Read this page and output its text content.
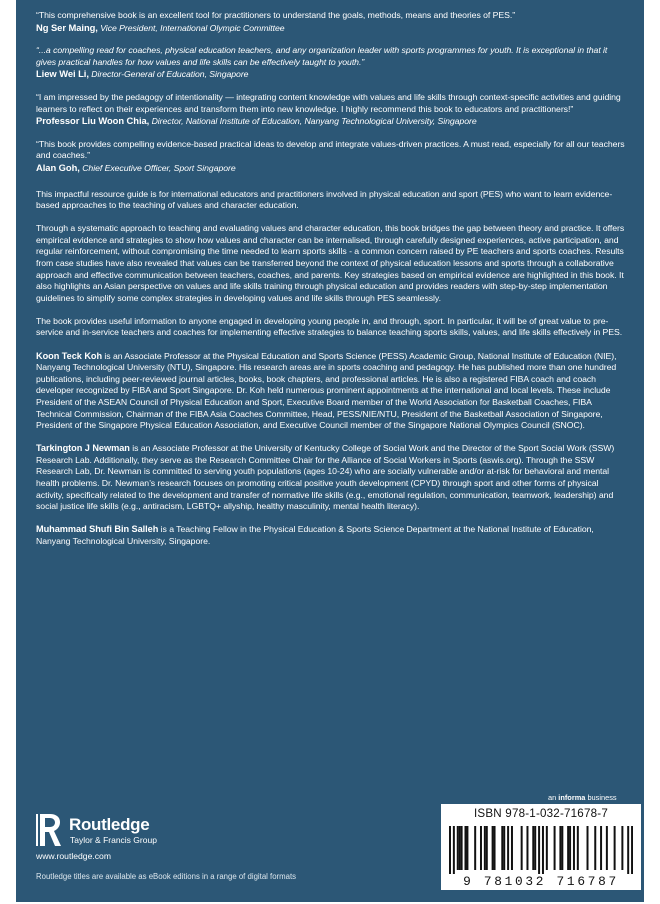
“This comprehensive book is an excellent tool for practitioners to understand the goals, methods, means and theories of PES.”
Ng Ser Maing, Vice President, International Olympic Committee
“...a compelling read for coaches, physical education teachers, and any organization leader with sports programmes for youth. It is exceptional in that it gives practical handles for how values and life skills can be effectively taught to youth.”
Liew Wei Li, Director-General of Education, Singapore
“I am impressed by the pedagogy of intentionality — integrating content knowledge with values and life skills through context-specific activities and guiding learners to reflect on their experiences and transform them into new knowledge. I highly recommend this book to educators and practitioners!”
Professor Liu Woon Chia, Director, National Institute of Education, Nanyang Technological University, Singapore
“This book provides compelling evidence-based practical ideas to develop and integrate values-driven practices. A must read, especially for all our teachers and coaches.”
Alan Goh, Chief Executive Officer, Sport Singapore

This impactful resource guide is for international educators and practitioners involved in physical education and sport (PES) who want to learn evidence-based approaches to the teaching of values and character education.

Through a systematic approach to teaching and evaluating values and character education, this book bridges the gap between theory and practice. It offers empirical evidence and strategies to show how values and character can be internalised, through carefully designed experiences, active participation, and regular reinforcement, without compromising the time needed to learn sports skills - a common concern raised by PE teachers and sports coaches. Results from case studies have also revealed that values can be transferred beyond the context of physical education lessons and sports through a collaborative approach and effective communication between teachers, coaches, and parents. Key strategies based on empirical evidence are highlighted in this book. It also highlights an Asian perspective on values and life skills training through physical education and provides readers with step-by-step implementation guidelines to simplify some complex strategies in developing values and life skills through PES seamlessly.

The book provides useful information to anyone engaged in developing young people in, and through, sport. In particular, it will be of great value to pre-service and in-service teachers and coaches for implementing effective strategies to balance teaching sports skills, values, and life skills effectively in PES.

Koon Teck Koh is an Associate Professor at the Physical Education and Sports Science (PESS) Academic Group, National Institute of Education (NIE), Nanyang Technological University (NTU), Singapore. His research areas are in sports coaching and pedagogy. He has published more than one hundred publications, including peer-reviewed journal articles, books, book chapters, and professional articles. He is also a registered FIBA coach and coach developer recognized by FIBA and Sport Singapore. Dr. Koh held numerous prominent appointments at the international and local levels. These include President of the ASEAN Council of Physical Education and Sport, Executive Board member of the World Association for Basketball Coaches, FIBA Technical Commission, Chairman of the FIBA Asia Coaches Committee, Head, PESS/NIE/NTU, President of the Basketball Association of Singapore, President of the Singapore Physical Education Association, and Executive Council member of the Singapore National Olympics Council (SNOC).

Tarkington J Newman is an Associate Professor at the University of Kentucky College of Social Work and the Director of the Sport Social Work (SSW) Research Lab. Additionally, they serve as the Research Committee Chair for the Alliance of Social Workers in Sports (aswis.org). Through the SSW Research Lab, Dr. Newman is committed to serving youth populations (ages 10-24) who are socially vulnerable and/or at-risk for behavioral and mental health problems. Dr. Newman’s research focuses on promoting critical positive youth development (CPYD) through sport and other forms of physical activity, specifically related to the development and transfer of normative life skills (e.g., emotional regulation, communication, teamwork, leadership) and social justice life skills (e.g., antiracism, LGBTQ+ allyship, healthy masculinity, mental health literacy).

Muhammad Shufi Bin Salleh is a Teaching Fellow in the Physical Education & Sports Science Department at the National Institute of Education, Nanyang Technological University, Singapore.

Routledge
Taylor & Francis Group
www.routledge.com
Routledge titles are available as eBook editions in a range of digital formats
an informa business
ISBN 978-1-032-71678-7
9 781032 716787
